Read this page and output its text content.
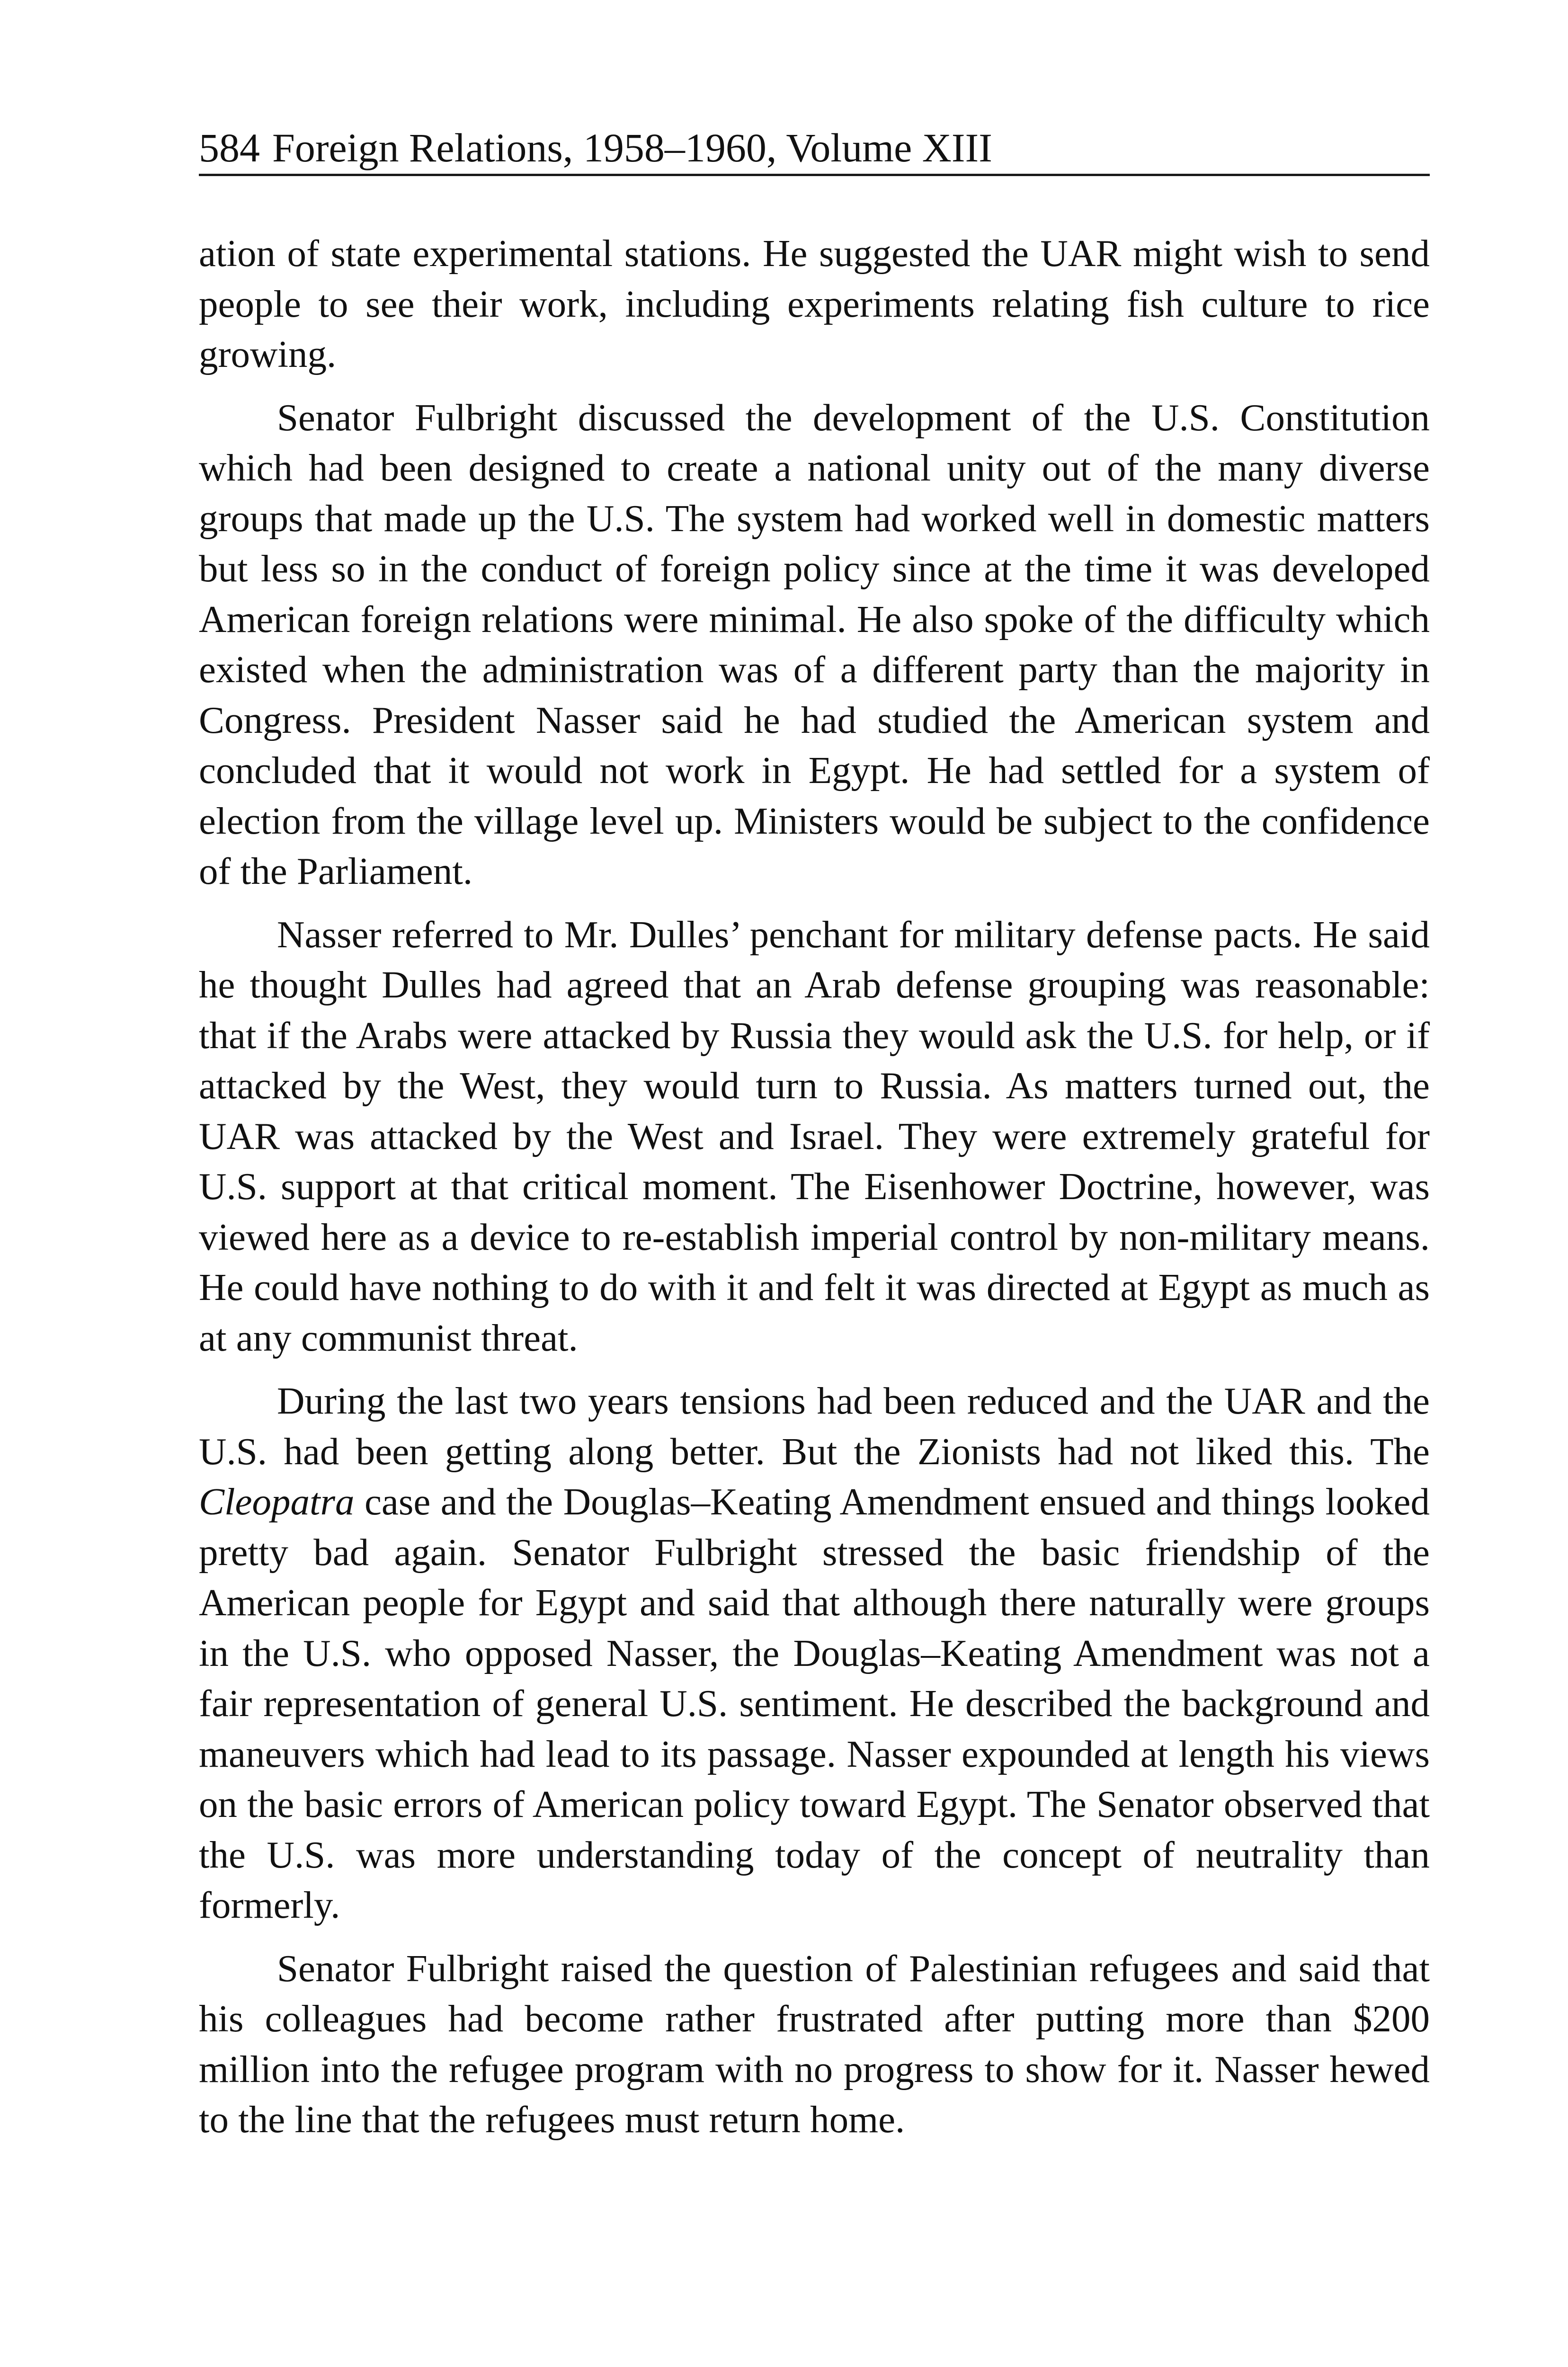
584 Foreign Relations, 1958–1960, Volume XIII

ation of state experimental stations. He suggested the UAR might wish to send people to see their work, including experiments relating fish culture to rice growing.

Senator Fulbright discussed the development of the U.S. Constitution which had been designed to create a national unity out of the many diverse groups that made up the U.S. The system had worked well in domestic matters but less so in the conduct of foreign policy since at the time it was developed American foreign relations were minimal. He also spoke of the difficulty which existed when the administration was of a different party than the majority in Congress. President Nasser said he had studied the American system and concluded that it would not work in Egypt. He had settled for a system of election from the village level up. Ministers would be subject to the confidence of the Parliament.

Nasser referred to Mr. Dulles’ penchant for military defense pacts. He said he thought Dulles had agreed that an Arab defense grouping was reasonable: that if the Arabs were attacked by Russia they would ask the U.S. for help, or if attacked by the West, they would turn to Russia. As matters turned out, the UAR was attacked by the West and Israel. They were extremely grateful for U.S. support at that critical moment. The Eisenhower Doctrine, however, was viewed here as a device to re-establish imperial control by non-military means. He could have nothing to do with it and felt it was directed at Egypt as much as at any communist threat.

During the last two years tensions had been reduced and the UAR and the U.S. had been getting along better. But the Zionists had not liked this. The Cleopatra case and the Douglas–Keating Amendment ensued and things looked pretty bad again. Senator Fulbright stressed the basic friendship of the American people for Egypt and said that although there naturally were groups in the U.S. who opposed Nasser, the Douglas–Keating Amendment was not a fair representation of general U.S. sentiment. He described the background and maneuvers which had lead to its passage. Nasser expounded at length his views on the basic errors of American policy toward Egypt. The Senator observed that the U.S. was more understanding today of the concept of neutrality than formerly.

Senator Fulbright raised the question of Palestinian refugees and said that his colleagues had become rather frustrated after putting more than $200 million into the refugee program with no progress to show for it. Nasser hewed to the line that the refugees must return home.
